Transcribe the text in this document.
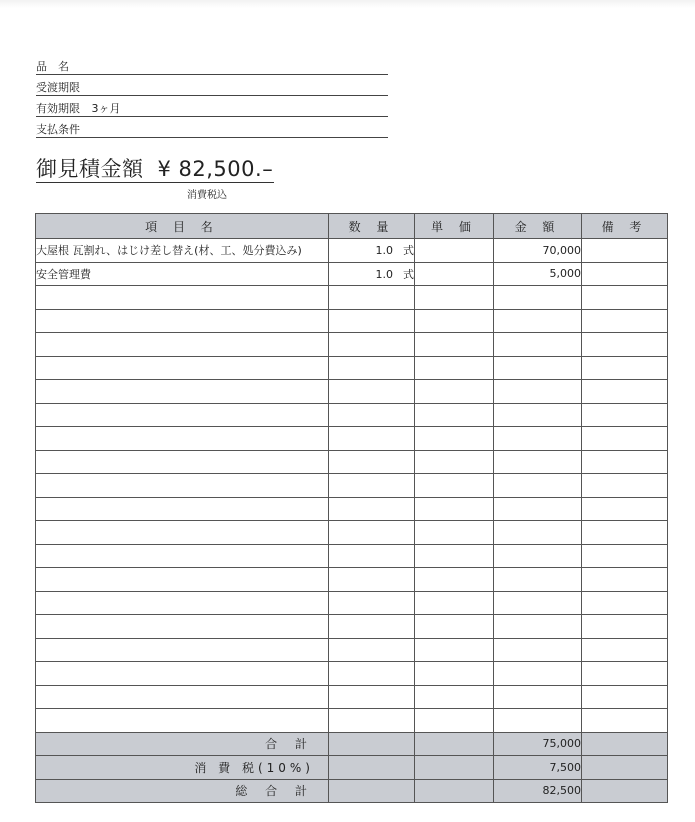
品　名
受渡期限
有効期限 3ヶ月
支払条件
御見積金額 ¥ 82,500.–
消費税込
項 目 名	数 量	単 価	金 額	備 考
大屋根 瓦割れ、はじけ差し替え(材、工、処分費込み)	1.0 式		70,000	
安全管理費	1.0 式		5,000	

合 計			75,000	
消 費 税(10%)			7,500	
総 合 計			82,500	
